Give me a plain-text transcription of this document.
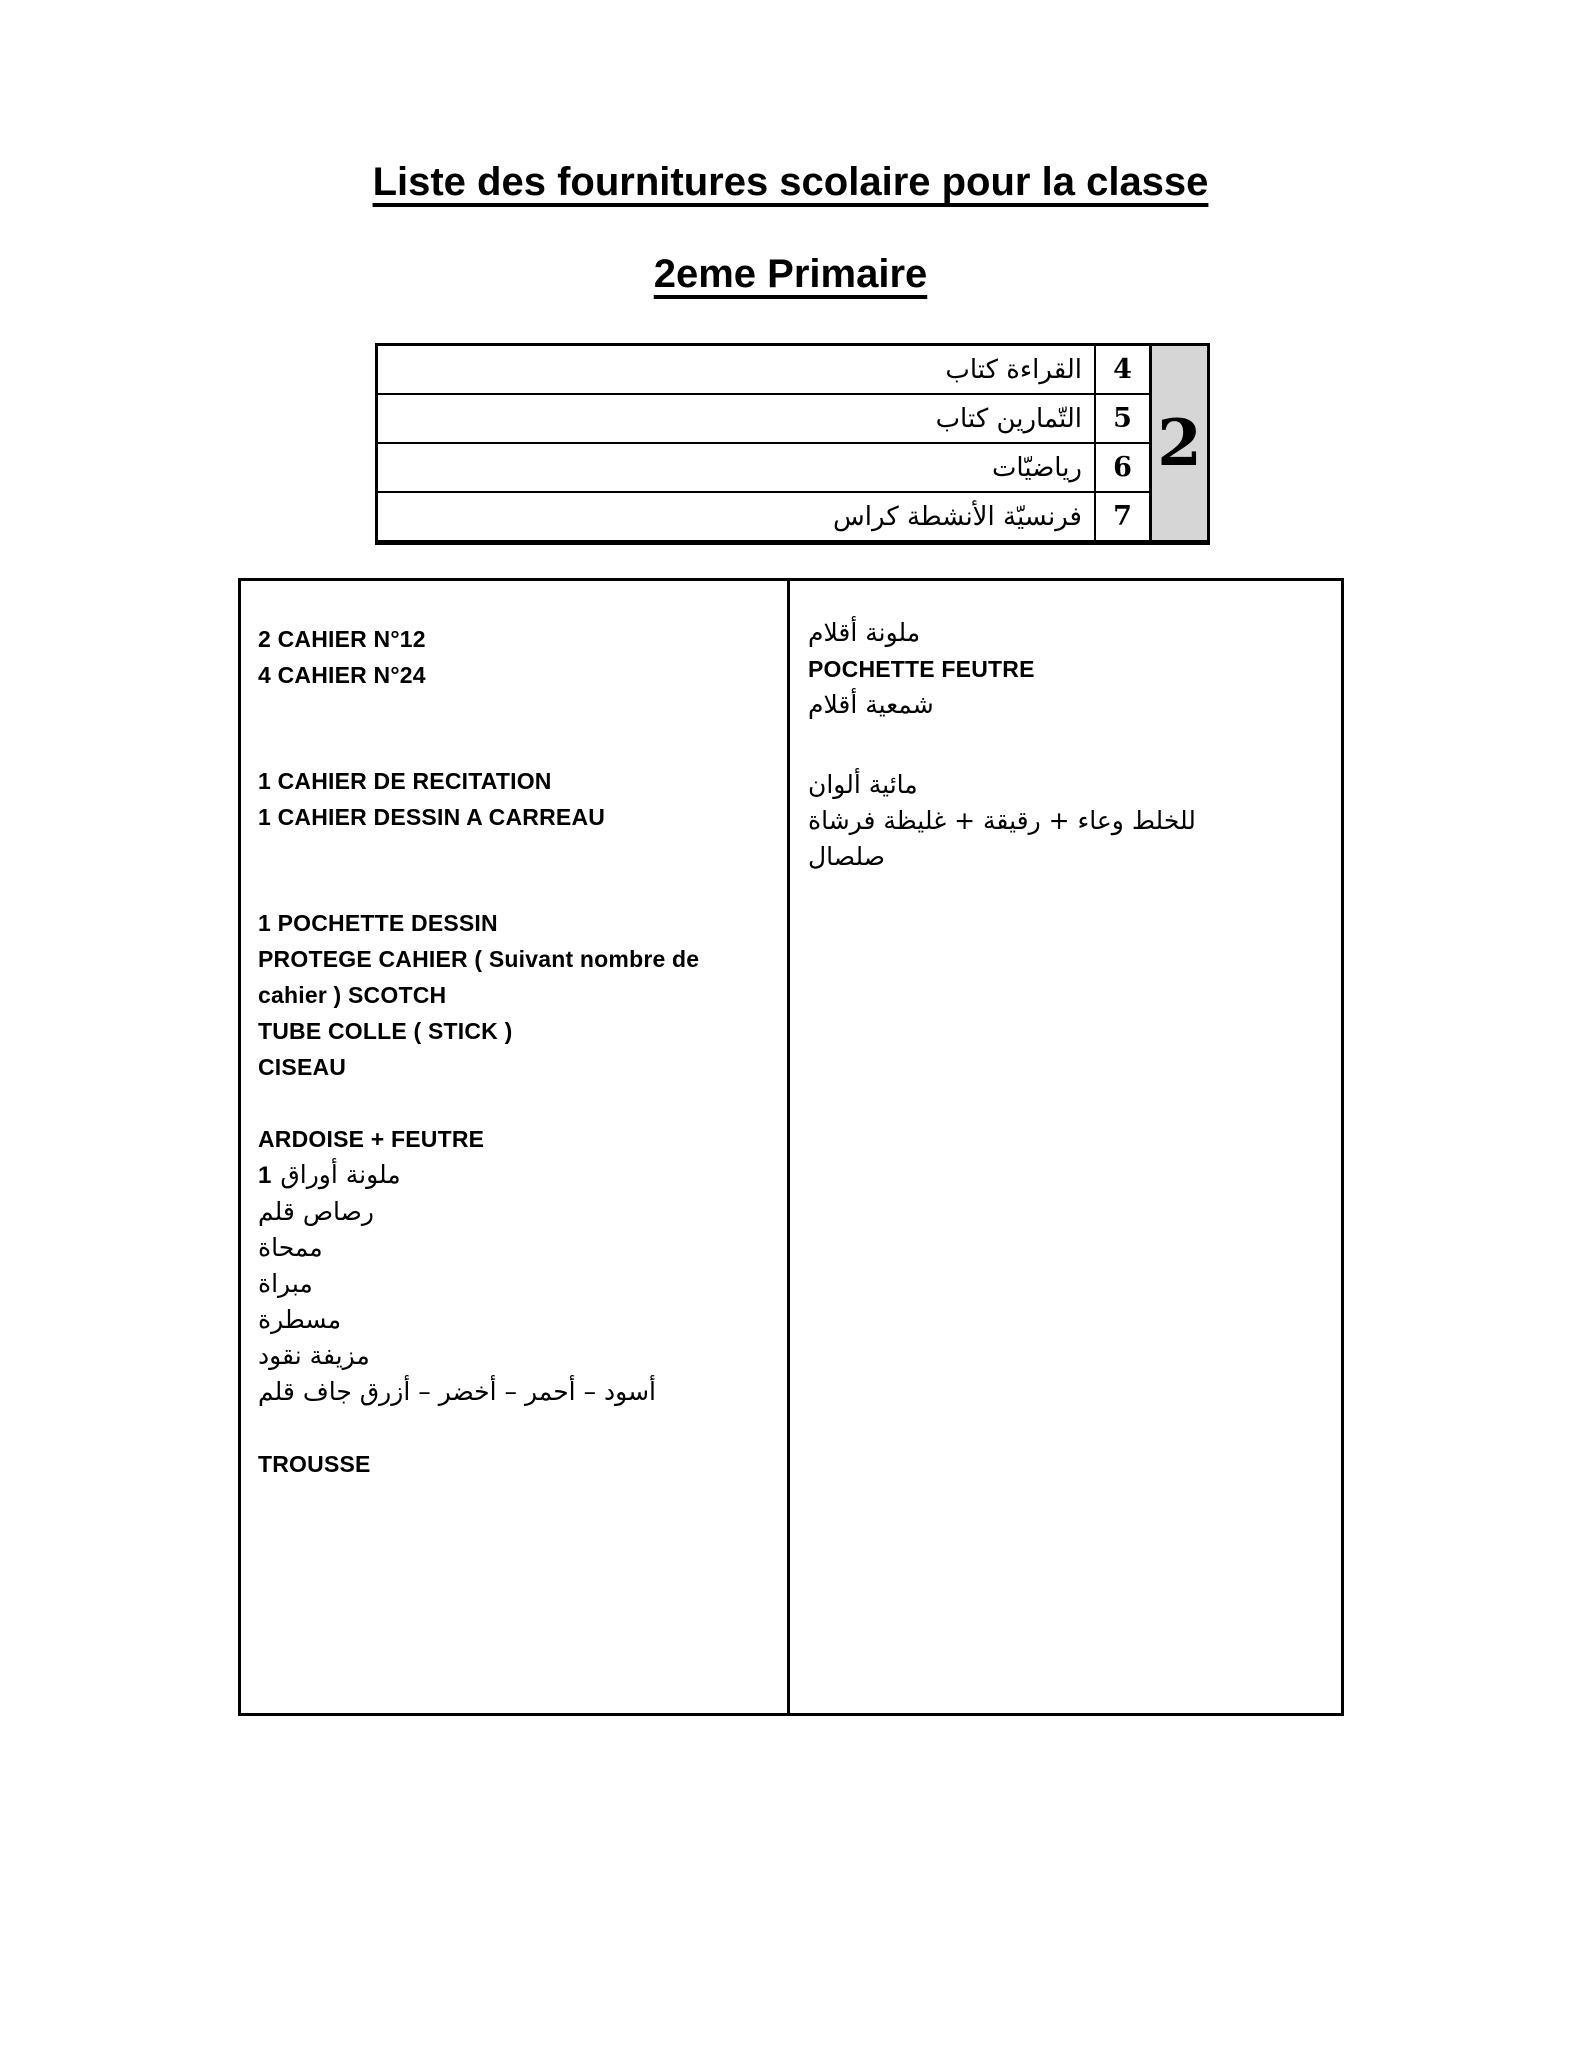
Liste des fournitures scolaire pour la classe
2eme Primaire
كتاب‎ القراءة	4
كتاب‎ التّمارين	5
رياضيّات	6
كراس‎ الأنشطة‎ فرنسيّة	7
2
2 CAHIER N°12
4 CAHIER N°24
1 CAHIER DE RECITATION
1 CAHIER DESSIN A CARREAU
1 POCHETTE DESSIN
PROTEGE CAHIER ( Suivant nombre de cahier ) SCOTCH
TUBE COLLE ( STICK )
CISEAU
ARDOISE + FEUTRE
1 أوراق‎ ملونة
قلم‎ رصاص
ممحاة
مبراة
مسطرة
نقود‎ مزيفة
قلم‎ جاف‎ أزرق‎ – أخضر‎ – أحمر‎ – أسود
TROUSSE
أقلام‎ ملونة
POCHETTE FEUTRE
أقلام‎ شمعية
ألوان‎ مائية
فرشاة‎ غليظة‎ + رقيقة‎ + وعاء‎ للخلط
صلصال
